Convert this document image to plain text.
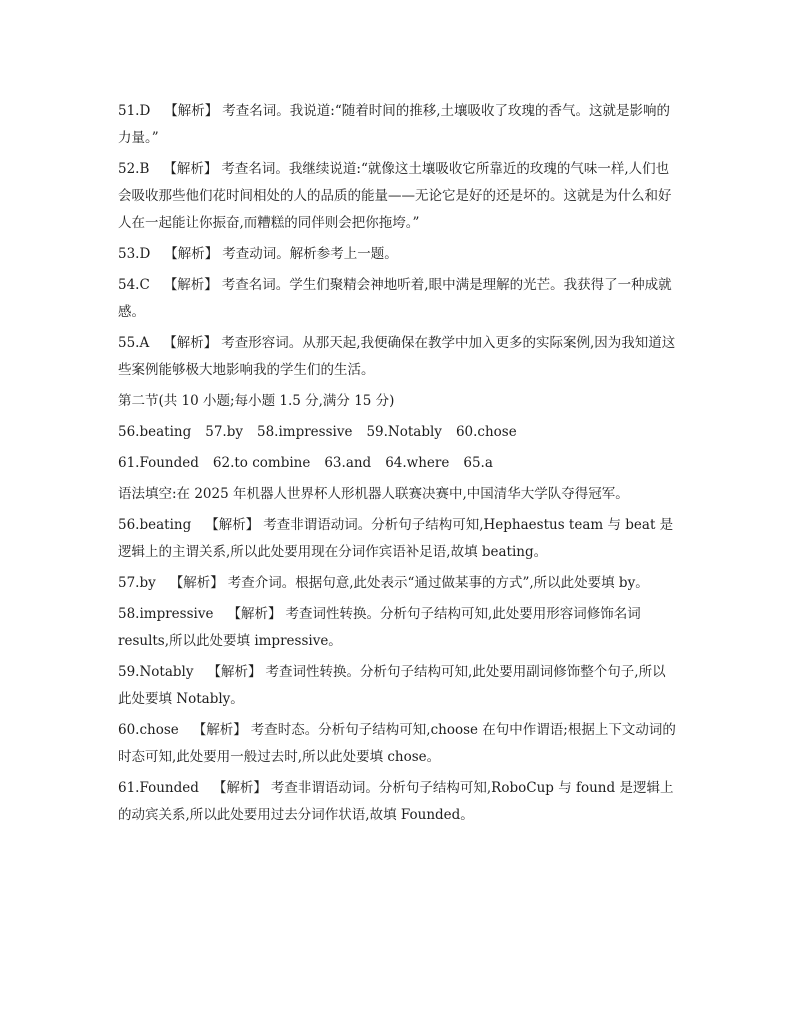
51.D 【解析】 考查名词。我说道:“随着时间的推移,土壤吸收了玫瑰的香气。这就是影响的力量。”

52.B 【解析】 考查名词。我继续说道:“就像这土壤吸收它所靠近的玫瑰的气味一样,人们也会吸收那些他们花时间相处的人的品质的能量——无论它是好的还是坏的。这就是为什么和好人在一起能让你振奋,而糟糕的同伴则会把你拖垮。”

53.D 【解析】 考查动词。解析参考上一题。

54.C 【解析】 考查名词。学生们聚精会神地听着,眼中满是理解的光芒。我获得了一种成就感。

55.A 【解析】 考查形容词。从那天起,我便确保在教学中加入更多的实际案例,因为我知道这些案例能够极大地影响我的学生们的生活。

第二节(共 10 小题;每小题 1.5 分,满分 15 分)

56.beating 57.by 58.impressive 59.Notably 60.chose

61.Founded 62.to combine 63.and 64.where 65.a

语法填空:在 2025 年机器人世界杯人形机器人联赛决赛中,中国清华大学队夺得冠军。

56.beating 【解析】 考查非谓语动词。分析句子结构可知,Hephaestus team 与 beat 是逻辑上的主谓关系,所以此处要用现在分词作宾语补足语,故填 beating。

57.by 【解析】 考查介词。根据句意,此处表示“通过做某事的方式”,所以此处要填 by。

58.impressive 【解析】 考查词性转换。分析句子结构可知,此处要用形容词修饰名词 results,所以此处要填 impressive。

59.Notably 【解析】 考查词性转换。分析句子结构可知,此处要用副词修饰整个句子,所以此处要填 Notably。

60.chose 【解析】 考查时态。分析句子结构可知,choose 在句中作谓语;根据上下文动词的时态可知,此处要用一般过去时,所以此处要填 chose。

61.Founded 【解析】 考查非谓语动词。分析句子结构可知,RoboCup 与 found 是逻辑上的动宾关系,所以此处要用过去分词作状语,故填 Founded。
